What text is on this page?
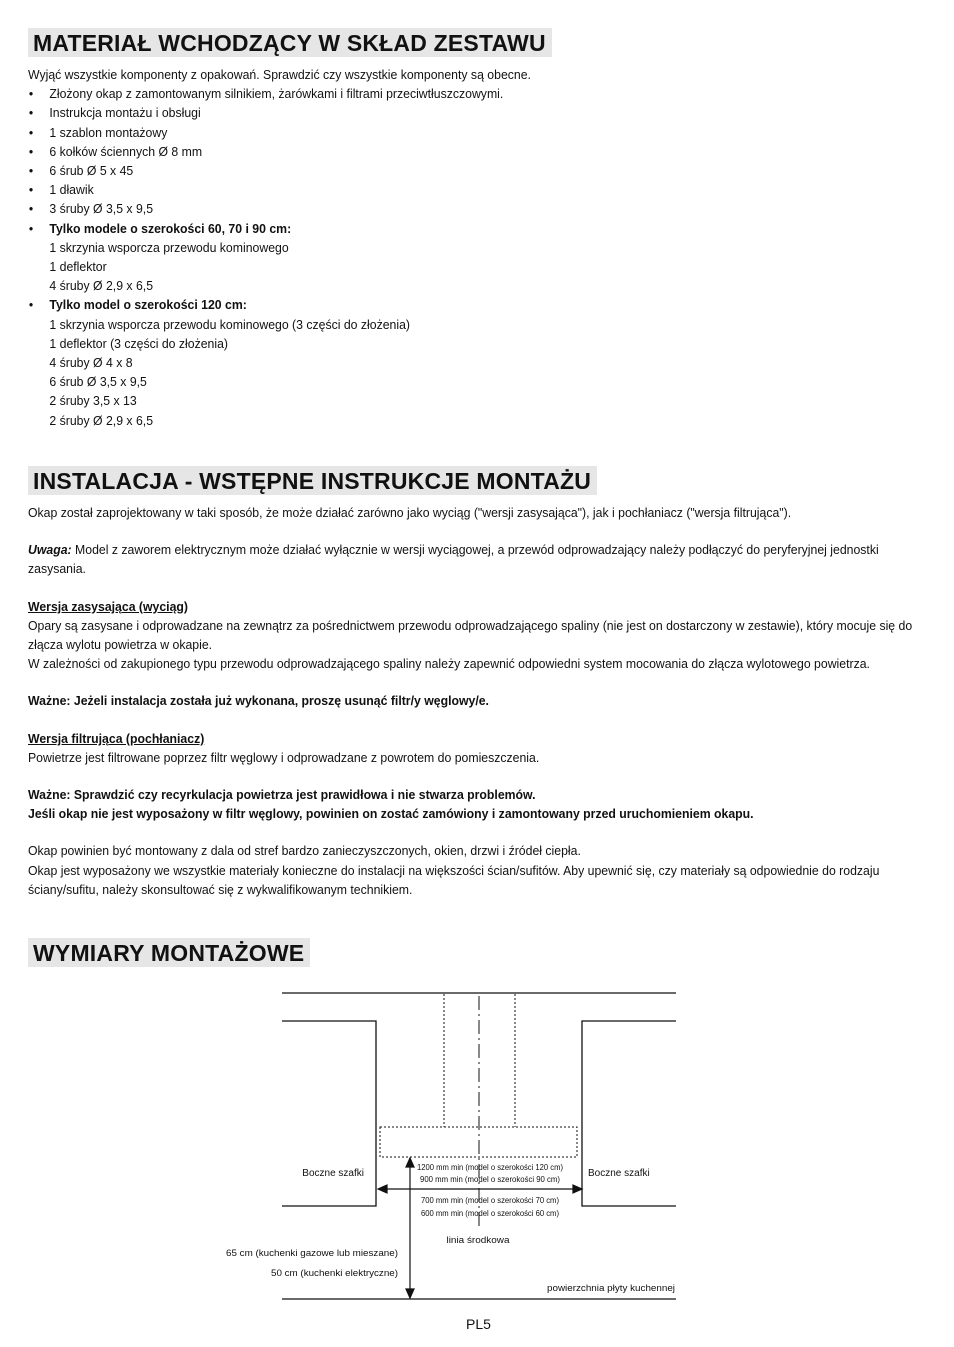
MATERIAŁ WCHODZĄCY W SKŁAD ZESTAWU

Wyjąć wszystkie komponenty z opakowań. Sprawdzić czy wszystkie komponenty są obecne.

• Złożony okap z zamontowanym silnikiem, żarówkami i filtrami przeciwtłuszczowymi.
• Instrukcja montażu i obsługi
• 1 szablon montażowy
• 6 kołków ściennych Ø 8 mm
• 6 śrub Ø 5 x 45
• 1 dławik
• 3 śruby Ø 3,5 x 9,5
• Tylko modele o szerokości 60, 70 i 90 cm:
1 skrzynia wsporcza przewodu kominowego
1 deflektor
4 śruby Ø 2,9 x 6,5
• Tylko model o szerokości 120 cm:
1 skrzynia wsporcza przewodu kominowego (3 części do złożenia)
1 deflektor (3 części do złożenia)
4 śruby Ø 4 x 8
6 śrub Ø 3,5 x 9,5
2 śruby 3,5 x 13
2 śruby Ø 2,9 x 6,5
INSTALACJA - WSTĘPNE INSTRUKCJE MONTAŻU

Okap został zaprojektowany w taki sposób, że może działać zarówno jako wyciąg ("wersji zasysająca"), jak i pochłaniacz ("wersja filtrująca").

Uwaga: Model z zaworem elektrycznym może działać wyłącznie w wersji wyciągowej, a przewód odprowadzający należy podłączyć do peryferyjnej jednostki zasysania.

Wersja zasysająca (wyciąg)

Opary są zasysane i odprowadzane na zewnątrz za pośrednictwem przewodu odprowadzającego spaliny (nie jest on dostarczony w zestawie), który mocuje się do złącza wylotu powietrza w okapie.

W zależności od zakupionego typu przewodu odprowadzającego spaliny należy zapewnić odpowiedni system mocowania do złącza wylotowego powietrza.

Ważne: Jeżeli instalacja została już wykonana, proszę usunąć filtr/y węglowy/e.

Wersja filtrująca (pochłaniacz)

Powietrze jest filtrowane poprzez filtr węglowy i odprowadzane z powrotem do pomieszczenia.

Ważne: Sprawdzić czy recyrkulacja powietrza jest prawidłowa i nie stwarza problemów.

Jeśli okap nie jest wyposażony w filtr węglowy, powinien on zostać zamówiony i zamontowany przed uruchomieniem okapu.

Okap powinien być montowany z dala od stref bardzo zanieczyszczonych, okien, drzwi i źródeł ciepła.

Okap jest wyposażony we wszystkie materiały konieczne do instalacji na większości ścian/sufitów. Aby upewnić się, czy materiały są odpowiednie do rodzaju ściany/sufitu, należy skonsultować się z wykwalifikowanym technikiem.

WYMIARY MONTAŻOWE
Boczne szafki	Boczne szafki
1200 mm min (model o szerokości 120 cm)
900 mm min (model o szerokości 90 cm)
700 mm min (model o szerokości 70 cm)
600 mm min (model o szerokości 60 cm)
linia środkowa
65 cm (kuchenki gazowe lub mieszane)
50 cm (kuchenki elektryczne)
powierzchnia płyty kuchennej
PL5
